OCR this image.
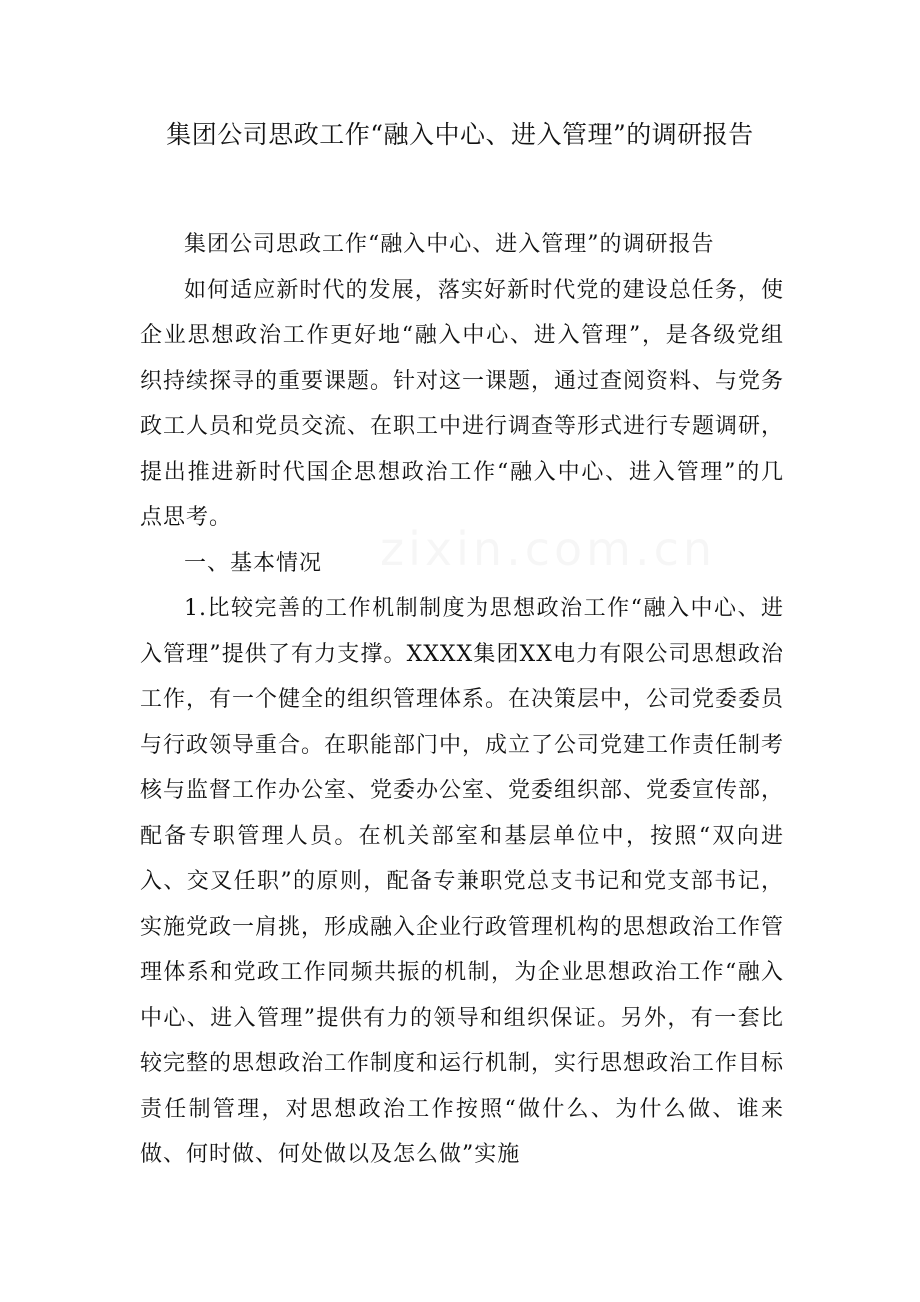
集团公司思政工作“融入中心、进入管理”的调研报告

集团公司思政工作“融入中心、进入管理”的调研报告

如何适应新时代的发展，落实好新时代党的建设总任务，使企业思想政治工作更好地“融入中心、进入管理”，是各级党组织持续探寻的重要课题。针对这一课题，通过查阅资料、与党务政工人员和党员交流、在职工中进行调查等形式进行专题调研，提出推进新时代国企思想政治工作“融入中心、进入管理”的几点思考。

一、基本情况

1.比较完善的工作机制制度为思想政治工作“融入中心、进入管理”提供了有力支撑。XXXX集团XX电力有限公司思想政治工作，有一个健全的组织管理体系。在决策层中，公司党委委员与行政领导重合。在职能部门中，成立了公司党建工作责任制考核与监督工作办公室、党委办公室、党委组织部、党委宣传部，配备专职管理人员。在机关部室和基层单位中，按照“双向进入、交叉任职”的原则，配备专兼职党总支书记和党支部书记，实施党政一肩挑，形成融入企业行政管理机构的思想政治工作管理体系和党政工作同频共振的机制，为企业思想政治工作“融入中心、进入管理”提供有力的领导和组织保证。另外，有一套比较完整的思想政治工作制度和运行机制，实行思想政治工作目标责任制管理，对思想政治工作按照“做什么、为什么做、谁来做、何时做、何处做以及怎么做”实施
